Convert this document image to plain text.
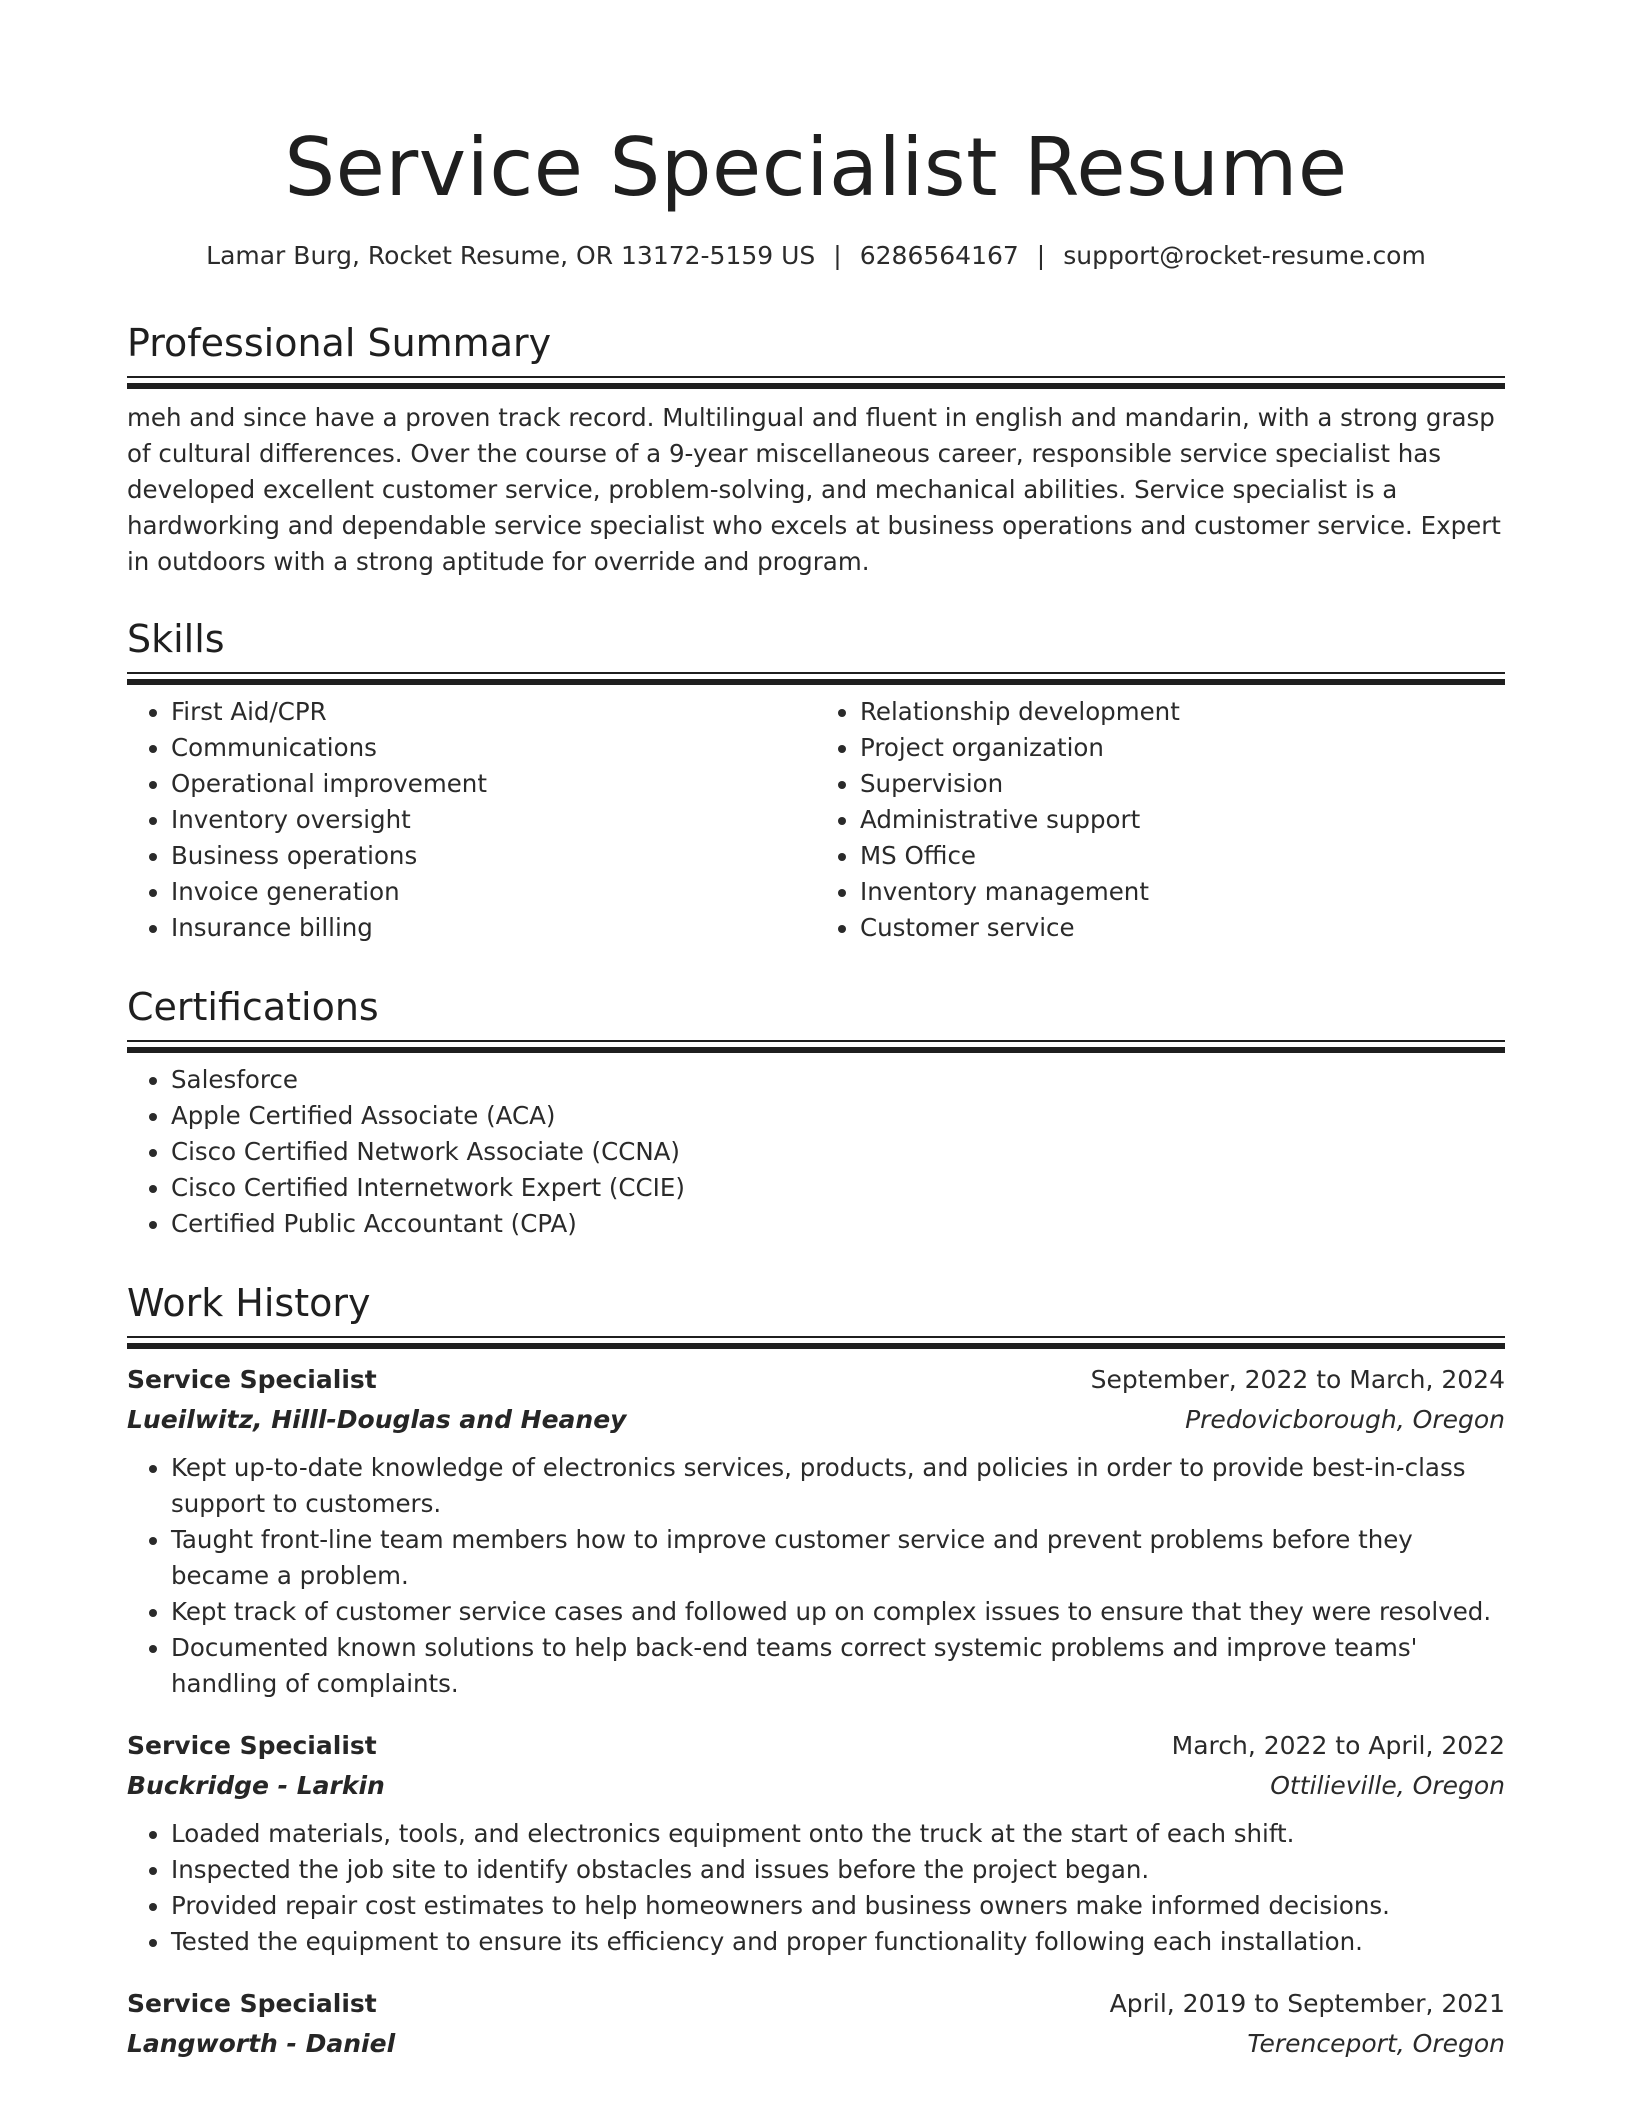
Service Specialist Resume
Lamar Burg, Rocket Resume, OR 13172-5159 US | 6286564167 | support@rocket-resume.com
Professional Summary

meh and since have a proven track record. Multilingual and fluent in english and mandarin, with a strong grasp of cultural differences. Over the course of a 9-year miscellaneous career, responsible service specialist has developed excellent customer service, problem-solving, and mechanical abilities. Service specialist is a hardworking and dependable service specialist who excels at business operations and customer service. Expert in outdoors with a strong aptitude for override and program.

Skills
• First Aid/CPR
• Communications
• Operational improvement
• Inventory oversight
• Business operations
• Invoice generation
• Insurance billing
• Relationship development
• Project organization
• Supervision
• Administrative support
• MS Office
• Inventory management
• Customer service
Certifications
• Salesforce
• Apple Certified Associate (ACA)
• Cisco Certified Network Associate (CCNA)
• Cisco Certified Internetwork Expert (CCIE)
• Certified Public Accountant (CPA)
Work History
Service Specialist	September, 2022 to March, 2024
Lueilwitz, Hilll-Douglas and Heaney	Predovicborough, Oregon
• Kept up-to-date knowledge of electronics services, products, and policies in order to provide best-in-class support to customers.
• Taught front-line team members how to improve customer service and prevent problems before they became a problem.
• Kept track of customer service cases and followed up on complex issues to ensure that they were resolved.
• Documented known solutions to help back-end teams correct systemic problems and improve teams' handling of complaints.
Service Specialist	March, 2022 to April, 2022
Buckridge - Larkin	Ottilieville, Oregon
• Loaded materials, tools, and electronics equipment onto the truck at the start of each shift.
• Inspected the job site to identify obstacles and issues before the project began.
• Provided repair cost estimates to help homeowners and business owners make informed decisions.
• Tested the equipment to ensure its efficiency and proper functionality following each installation.
Service Specialist	April, 2019 to September, 2021
Langworth - Daniel	Terenceport, Oregon
